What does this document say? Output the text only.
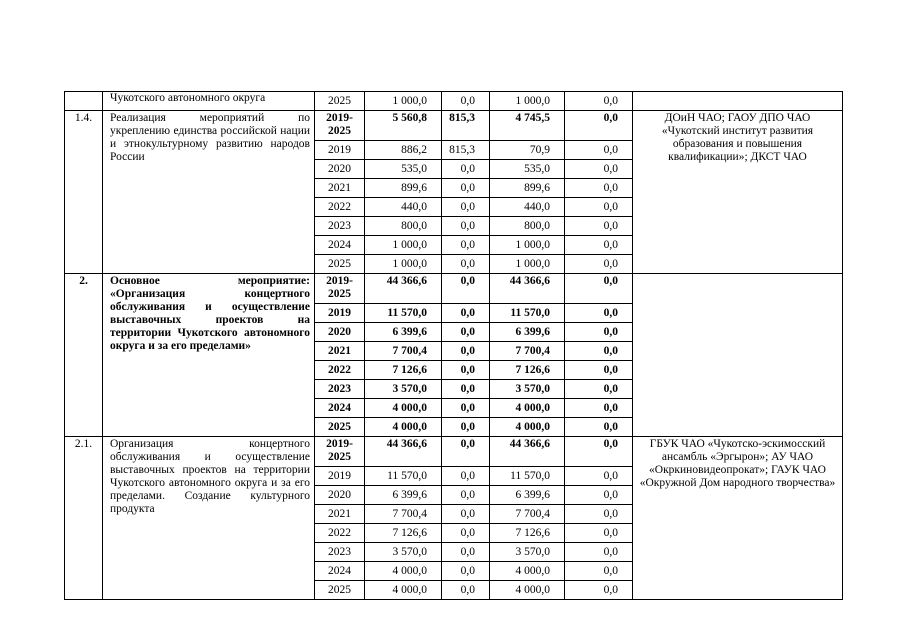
	Чукотского автономного округа	2025	1 000,0	0,0	1 000,0	0,0	
1.4.	Реализация мероприятий по укреплению единства российской нации и этнокультурному развитию народов России	2019-2025	5 560,8	815,3	4 745,5	0,0	ДОиН ЧАО; ГАОУ ДПО ЧАО «Чукотский институт развития образования и повышения квалификации»; ДКСТ ЧАО
		2019	886,2	815,3	70,9	0,0	
		2020	535,0	0,0	535,0	0,0	
		2021	899,6	0,0	899,6	0,0	
		2022	440,0	0,0	440,0	0,0	
		2023	800,0	0,0	800,0	0,0	
		2024	1 000,0	0,0	1 000,0	0,0	
		2025	1 000,0	0,0	1 000,0	0,0	
2.	Основное мероприятие: «Организация концертного обслуживания и осуществление выставочных проектов на территории Чукотского автономного округа и за его пределами»	2019-2025	44 366,6	0,0	44 366,6	0,0	
		2019	11 570,0	0,0	11 570,0	0,0	
		2020	6 399,6	0,0	6 399,6	0,0	
		2021	7 700,4	0,0	7 700,4	0,0	
		2022	7 126,6	0,0	7 126,6	0,0	
		2023	3 570,0	0,0	3 570,0	0,0	
		2024	4 000,0	0,0	4 000,0	0,0	
		2025	4 000,0	0,0	4 000,0	0,0	
2.1.	Организация концертного обслуживания и осуществление выставочных проектов на территории Чукотского автономного округа и за его пределами. Создание культурного продукта	2019-2025	44 366,6	0,0	44 366,6	0,0	ГБУК ЧАО «Чукотско-эскимосский ансамбль «Эргырон»; АУ ЧАО «Окркиновидеопрокат»; ГАУК ЧАО «Окружной Дом народного творчества»
		2019	11 570,0	0,0	11 570,0	0,0	
		2020	6 399,6	0,0	6 399,6	0,0	
		2021	7 700,4	0,0	7 700,4	0,0	
		2022	7 126,6	0,0	7 126,6	0,0	
		2023	3 570,0	0,0	3 570,0	0,0	
		2024	4 000,0	0,0	4 000,0	0,0	
		2025	4 000,0	0,0	4 000,0	0,0	
